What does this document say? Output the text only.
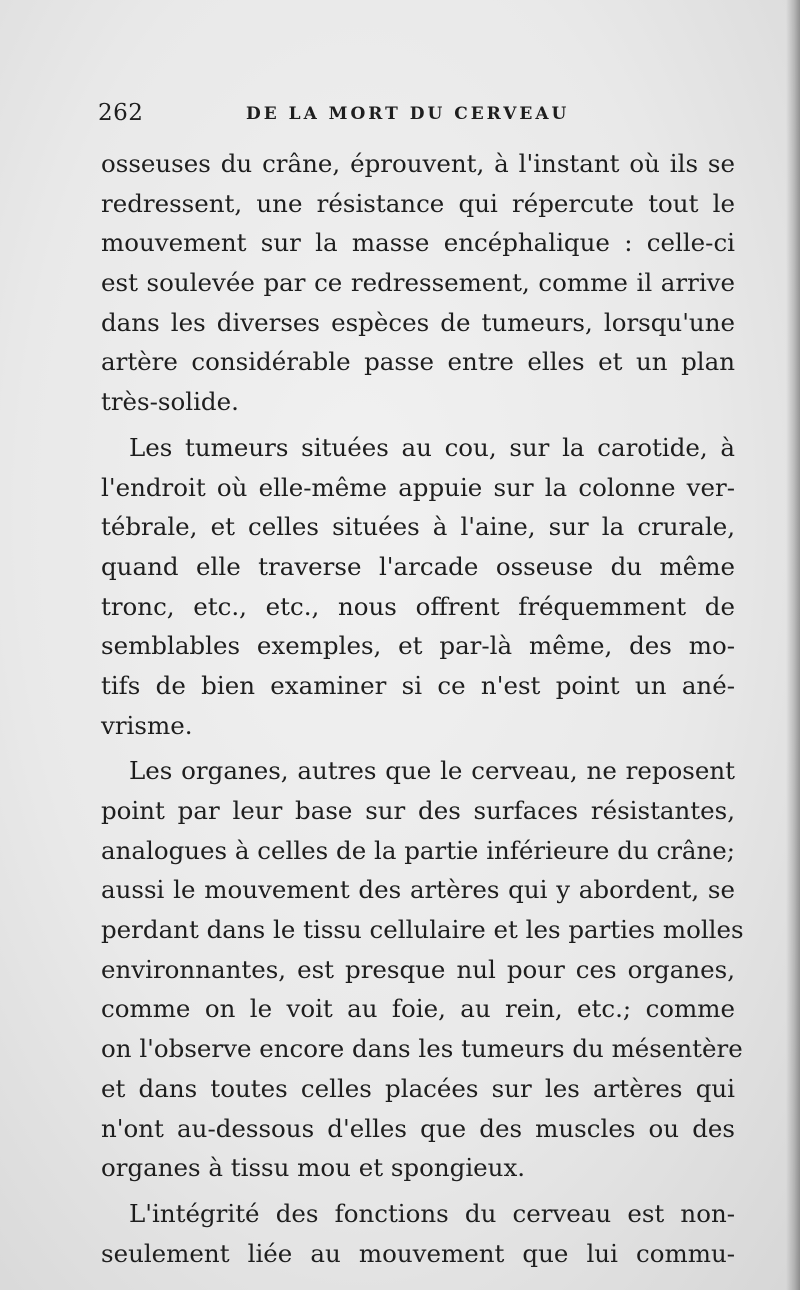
262	DE LA MORT DU CERVEAU
osseuses du crâne, éprouvent, à l'instant où ils se
redressent, une résistance qui répercute tout le
mouvement sur la masse encéphalique : celle-ci
est soulevée par ce redressement, comme il arrive
dans les diverses espèces de tumeurs, lorsqu'une
artère considérable passe entre elles et un plan
très-solide.
Les tumeurs situées au cou, sur la carotide, à
l'endroit où elle-même appuie sur la colonne ver-
tébrale, et celles situées à l'aine, sur la crurale,
quand elle traverse l'arcade osseuse du même
tronc, etc., etc., nous offrent fréquemment de
semblables exemples, et par-là même, des mo-
tifs de bien examiner si ce n'est point un ané-
vrisme.
Les organes, autres que le cerveau, ne reposent
point par leur base sur des surfaces résistantes,
analogues à celles de la partie inférieure du crâne;
aussi le mouvement des artères qui y abordent, se
perdant dans le tissu cellulaire et les parties molles
environnantes, est presque nul pour ces organes,
comme on le voit au foie, au rein, etc.; comme
on l'observe encore dans les tumeurs du mésentère
et dans toutes celles placées sur les artères qui
n'ont au-dessous d'elles que des muscles ou des
organes à tissu mou et spongieux.
L'intégrité des fonctions du cerveau est non-
seulement liée au mouvement que lui commu-
